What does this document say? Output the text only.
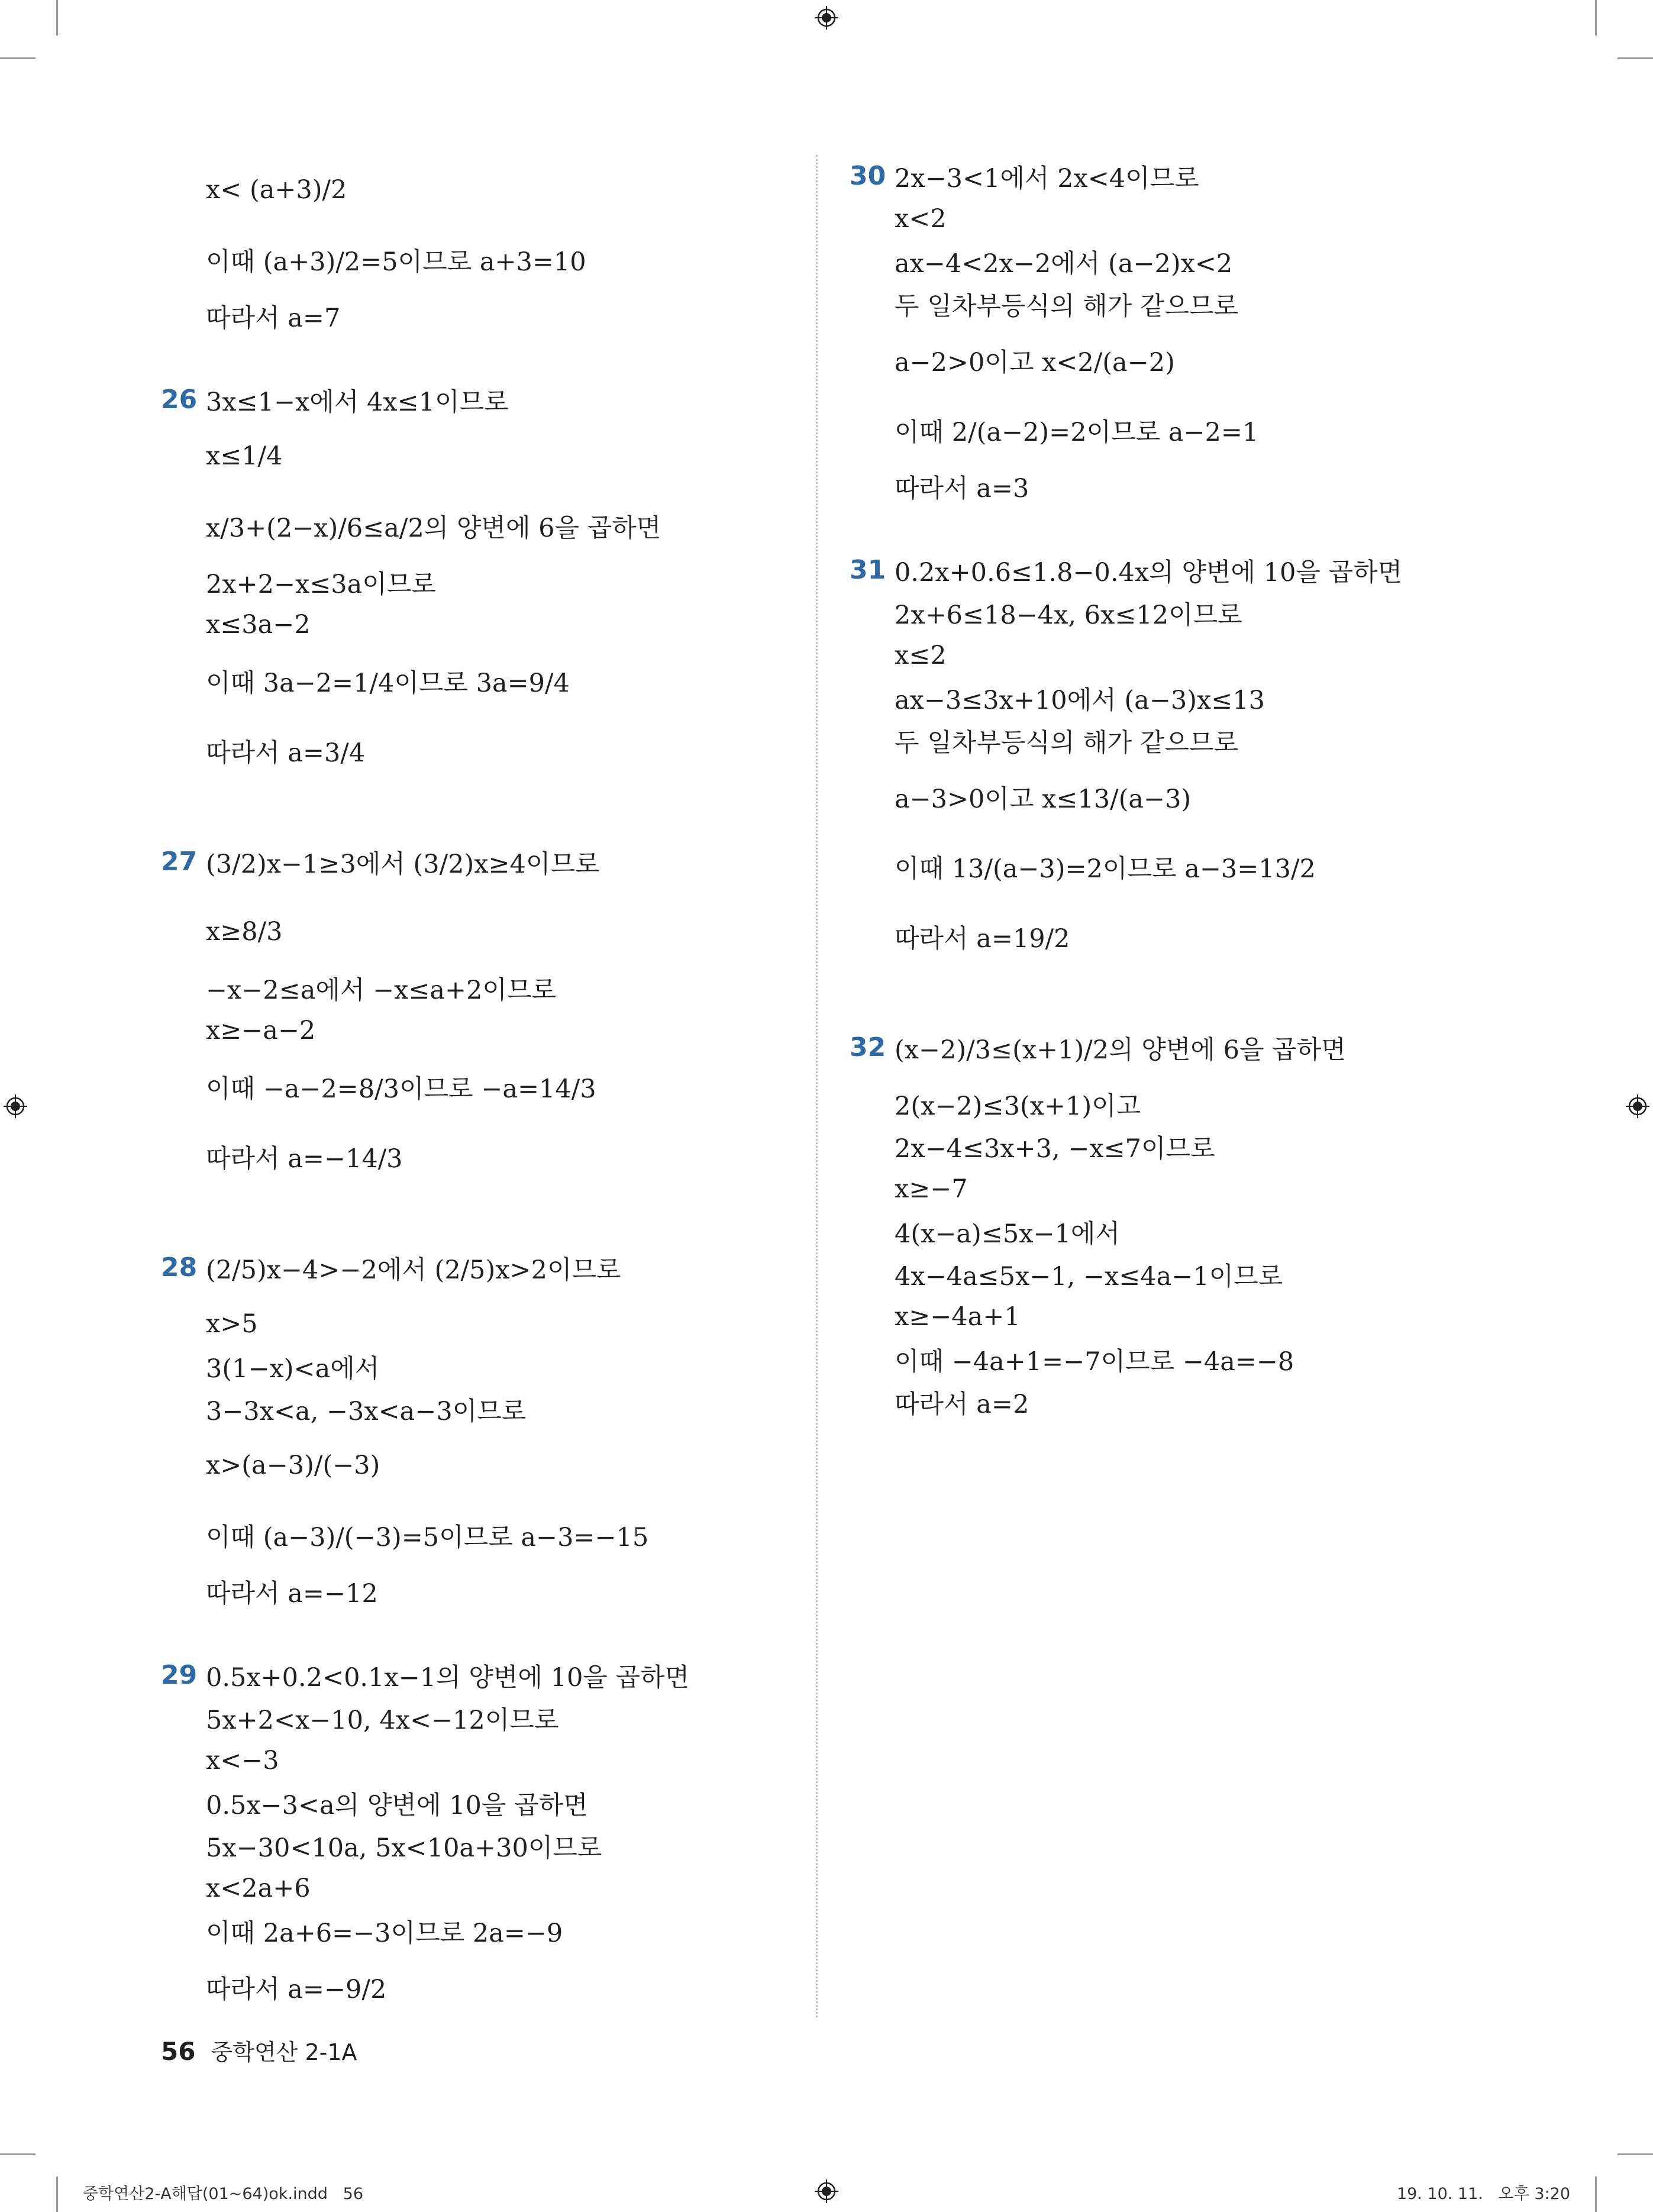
x< (a+3)/2
이때 (a+3)/2=5이므로 a+3=10
따라서 a=7
26 3x≤1−x에서 4x≤1이므로
x≤1/4
x/3+(2−x)/6≤a/2의 양변에 6을 곱하면
2x+2−x≤3a이므로
x≤3a−2
이때 3a−2=1/4이므로 3a=9/4
따라서 a=3/4
27 (3/2)x−1≥3에서 (3/2)x≥4이므로
x≥8/3
−x−2≤a에서 −x≤a+2이므로
x≥−a−2
이때 −a−2=8/3이므로 −a=14/3
따라서 a=−14/3
28 (2/5)x−4>−2에서 (2/5)x>2이므로
x>5
3(1−x)<a에서
3−3x<a, −3x<a−3이므로
x>(a−3)/(−3)
이때 (a−3)/(−3)=5이므로 a−3=−15
따라서 a=−12
29 0.5x+0.2<0.1x−1의 양변에 10을 곱하면
5x+2<x−10, 4x<−12이므로
x<−3
0.5x−3<a의 양변에 10을 곱하면
5x−30<10a, 5x<10a+30이므로
x<2a+6
이때 2a+6=−3이므로 2a=−9
따라서 a=−9/2
30 2x−3<1에서 2x<4이므로
x<2
ax−4<2x−2에서 (a−2)x<2
두 일차부등식의 해가 같으므로
a−2>0이고 x<2/(a−2)
이때 2/(a−2)=2이므로 a−2=1
따라서 a=3
31 0.2x+0.6≤1.8−0.4x의 양변에 10을 곱하면
2x+6≤18−4x, 6x≤12이므로
x≤2
ax−3≤3x+10에서 (a−3)x≤13
두 일차부등식의 해가 같으므로
a−3>0이고 x≤13/(a−3)
이때 13/(a−3)=2이므로 a−3=13/2
따라서 a=19/2
32 (x−2)/3≤(x+1)/2의 양변에 6을 곱하면
2(x−2)≤3(x+1)이고
2x−4≤3x+3, −x≤7이므로
x≥−7
4(x−a)≤5x−1에서
4x−4a≤5x−1, −x≤4a−1이므로
x≥−4a+1
이때 −4a+1=−7이므로 −4a=−8
따라서 a=2
56 중학연산 2-1A
중학연산2-A해답(01~64)ok.indd   56	19. 10. 11.   오후 3:20
